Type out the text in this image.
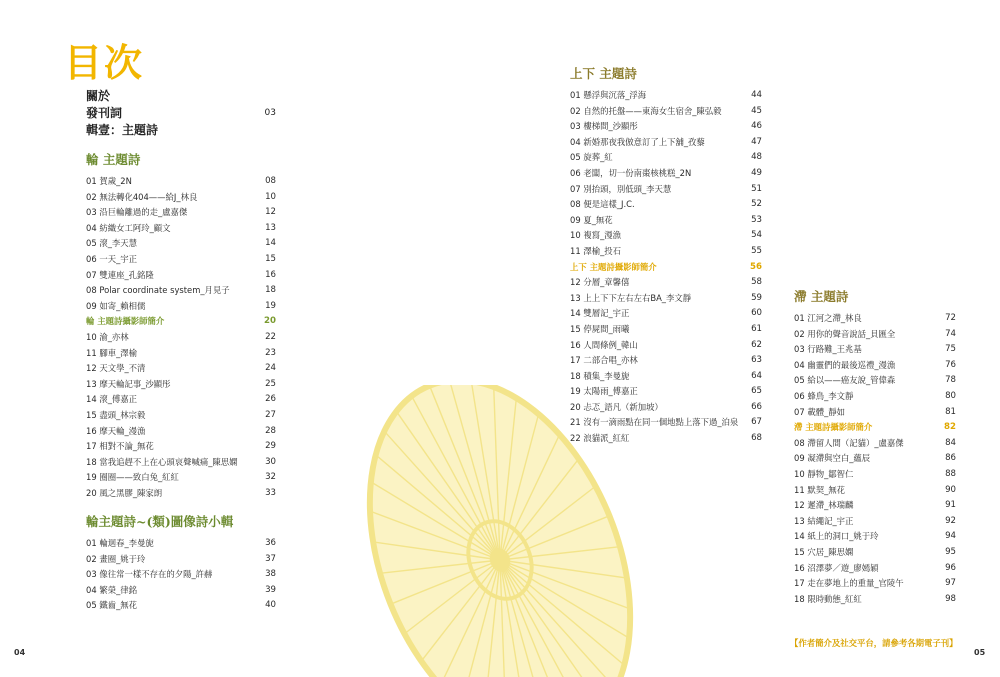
目次
關於
發刊詞	03
輯壹：主題詩
輪 主題詩
01 賀歲_2N	08
02 無法轉化404——給J_林良	10
03 沿巨輪離過的走_盧嘉傑	12
04 紡織女工阿玲_顧文	13
05 滾_李天慧	14
06 一天_宇正	15
07 雙連座_孔銘隆	16
08 Polar coordinate system_月見子	18
09 如寄_賴相儒	19
輪 主題詩攝影師簡介	20
10 渝_亦林	22
11 腳車_澤榆	23
12 天文學_不清	24
13 摩天輪記事_沙顯彤	25
14 滾_傅嘉正	26
15 盡頭_林宗毅	27
16 摩天輪_漫漁	28
17 相對不論_無花	29
18 當我追趕不上在心頭哀聲喊痛_陳思嫻	30
19 圈圈——致白兔_紅紅	32
20 風之黑膠_陳家朗	33
輪主題詩~(類)圖像詩小輯
01 輪迴春_李曼旎	36
02 畫圈_姚于玲	37
03 像往常一樣不存在的夕陽_許赫	38
04 繁榮_律銘	39
05 鐵齒_無花	40
04
上下 主題詩
01 懸浮與沉落_浮海	44
02 自然的托盤——東海女生宿舍_陳弘毅	45
03 樓梯間_沙顯彤	46
04 新婚那夜我倣意訂了上下舖_孜藜	47
05 旋葬_紅	48
06 老闆，切一份南棗核桃糕_2N	49
07 別抬頭，別低頭_李天慧	51
08 便是這樣_J.C.	52
09 夏_無花	53
10 複寫_漫漁	54
11 澤榆_投石	55
上下 主題詩攝影師簡介	56
12 分層_章馨僖	58
13 上上下下左右左右BA_李文靜	59
14 雙層記_宇正	60
15 停屍間_雨曦	61
16 人間條例_韓山	62
17 二部合唱_亦林	63
18 積集_李曼旎	64
19 太陽雨_傅嘉正	65
20 忐忑_語凡（新加坡）	66
21 沒有一滴雨點在同一個地點上落下過_泊泉 67
22 浪貓派_紅紅	68
滯 主題詩
01 江河之滯_林良	72
02 用你的聲音說話_貝匯全	74
03 行路難_王兆基	75
04 幽靈們的最後巡禮_漫漁	76
05 給以——癌友說_管偉森	78
06 蜂鳥_李文靜	80
07 載體_靜如	81
滯 主題詩攝影師簡介	82
08 滯留人間（記貓）_盧嘉傑	84
09 凝滯與空白_蘊辰	86
10 靜物_鄒智仁	88
11 默契_無花	90
12 遲滯_林瑞麟	91
13 結繩記_宇正	92
14 紙上的洞口_姚于玲	94
15 穴居_陳思嫻	95
16 沼澤夢／遊_廖嫣穎	96
17 走在夢地上的重量_官陵午	97
18 限時動態_紅紅	98
05
【作者簡介及社交平台，請參考各期電子刊】
